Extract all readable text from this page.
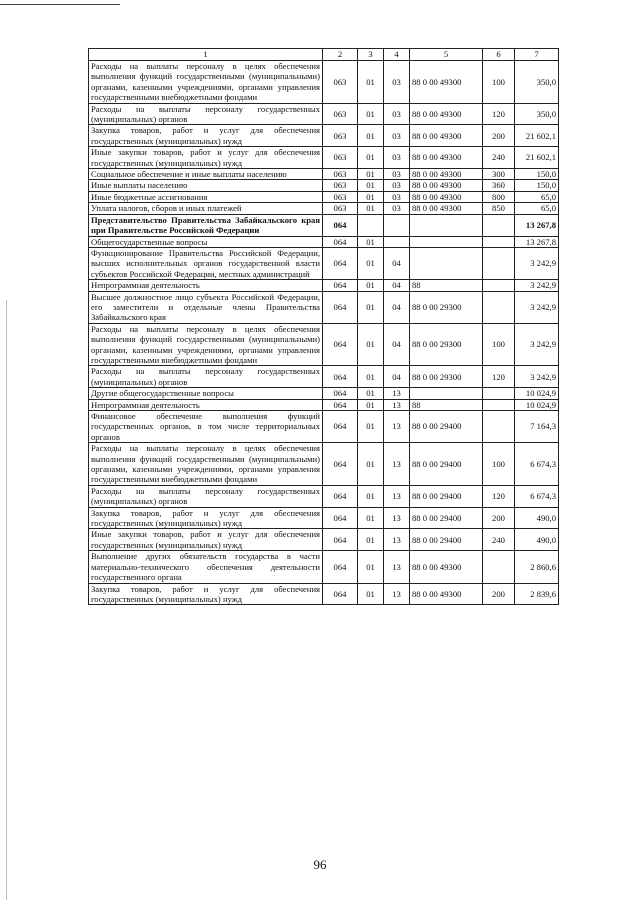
1	2	3	4	5	6	7
Расходы на выплаты персоналу в целях обеспечения выполнения функций государственными (муниципальными) органами, казенными учреждениями, органами управления государственными внебюджетными фондами	063	01	03	88 0 00 49300	100	350,0
Расходы на выплаты персоналу государственных (муниципальных) органов	063	01	03	88 0 00 49300	120	350,0
Закупка товаров, работ и услуг для обеспечения государственных (муниципальных) нужд	063	01	03	88 0 00 49300	200	21 602,1
Иные закупки товаров, работ и услуг для обеспечения государственных (муниципальных) нужд	063	01	03	88 0 00 49300	240	21 602,1
Социальное обеспечение и иные выплаты населению	063	01	03	88 0 00 49300	300	150,0
Иные выплаты населению	063	01	03	88 0 00 49300	360	150,0
Иные бюджетные ассигнования	063	01	03	88 0 00 49300	800	65,0
Уплата налогов, сборов и иных платежей	063	01	03	88 0 00 49300	850	65,0
Представительство Правительства Забайкальского края при Правительстве Российской Федерации	064					13 267,8
Общегосударственные вопросы	064	01				13 267,8
Функционирование Правительства Российской Федерации, высших исполнительных органов государственной власти субъектов Российской Федерации, местных администраций	064	01	04			3 242,9
Непрограммная деятельность	064	01	04	88		3 242,9
Высшее должностное лицо субъекта Российской Федерации, его заместители и отдельные члены Правительства Забайкальского края	064	01	04	88 0 00 29300		3 242,9
Расходы на выплаты персоналу в целях обеспечения выполнения функций государственными (муниципальными) органами, казенными учреждениями, органами управления государственными внебюджетными фондами	064	01	04	88 0 00 29300	100	3 242,9
Расходы на выплаты персоналу государственных (муниципальных) органов	064	01	04	88 0 00 29300	120	3 242,9
Другие общегосударственные вопросы	064	01	13			10 024,9
Непрограммная деятельность	064	01	13	88		10 024,9
Финансовое обеспечение выполнения функций государственных органов, в том числе территориальных органов	064	01	13	88 0 00 29400		7 164,3
Расходы на выплаты персоналу в целях обеспечения выполнения функций государственными (муниципальными) органами, казенными учреждениями, органами управления государственными внебюджетными фондами	064	01	13	88 0 00 29400	100	6 674,3
Расходы на выплаты персоналу государственных (муниципальных) органов	064	01	13	88 0 00 29400	120	6 674,3
Закупка товаров, работ и услуг для обеспечения государственных (муниципальных) нужд	064	01	13	88 0 00 29400	200	490,0
Иные закупки товаров, работ и услуг для обеспечения государственных (муниципальных) нужд	064	01	13	88 0 00 29400	240	490,0
Выполнение других обязательств государства в части материально-технического обеспечения деятельности государственного органа	064	01	13	88 0 00 49300		2 860,6
Закупка товаров, работ и услуг для обеспечения государственных (муниципальных) нужд	064	01	13	88 0 00 49300	200	2 839,6
96
